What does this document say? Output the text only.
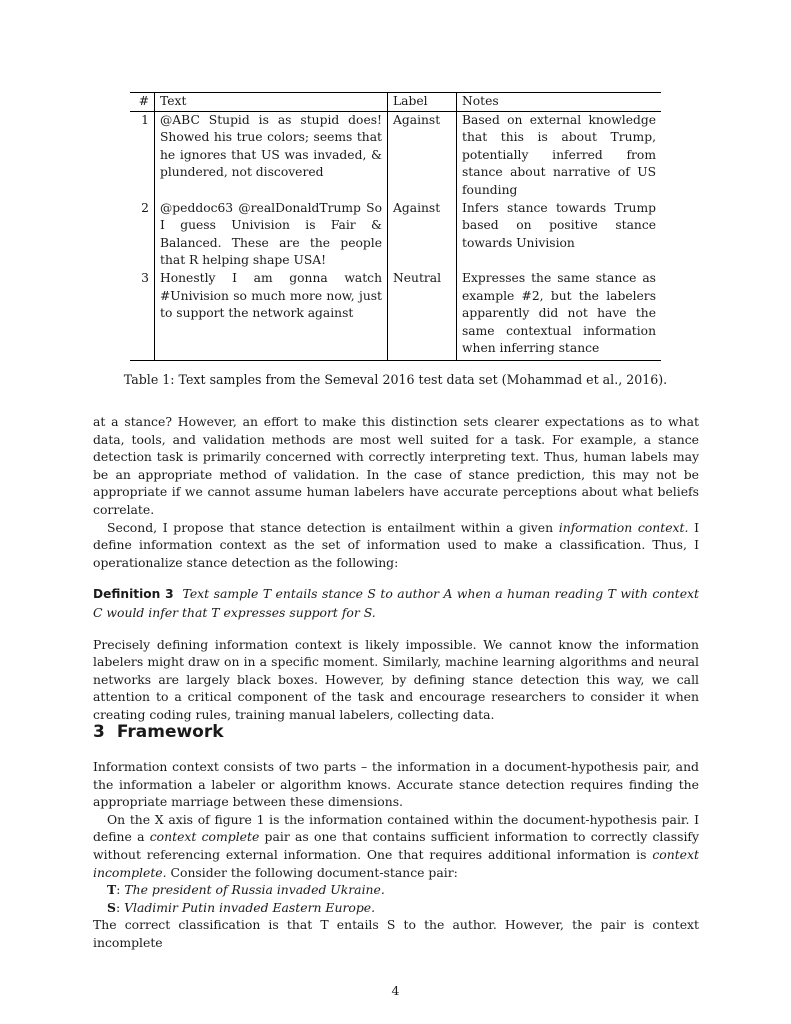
#	Text	Label	Notes
1	@ABC Stupid is as stupid does! Showed his true colors; seems that he ignores that US was invaded, & plundered, not discovered	Against	Based on external knowledge that this is about Trump, potentially inferred from stance about narrative of US founding
2	@peddoc63 @realDonaldTrump So I guess Univision is Fair & Balanced. These are the people that R helping shape USA!	Against	Infers stance towards Trump based on positive stance towards Univision
3	Honestly I am gonna watch #Univision so much more now, just to support the network against	Neutral	Expresses the same stance as example #2, but the labelers apparently did not have the same contextual information when inferring stance
Table 1: Text samples from the Semeval 2016 test data set (Mohammad et al., 2016).

at a stance? However, an effort to make this distinction sets clearer expectations as to what data, tools, and validation methods are most well suited for a task. For example, a stance detection task is primarily concerned with correctly interpreting text. Thus, human labels may be an appropriate method of validation. In the case of stance prediction, this may not be appropriate if we cannot assume human labelers have accurate perceptions about what beliefs correlate.

Second, I propose that stance detection is entailment within a given information context. I define information context as the set of information used to make a classification. Thus, I operationalize stance detection as the following:

Definition 3 Text sample T entails stance S to author A when a human reading T with context C would infer that T expresses support for S.

Precisely defining information context is likely impossible. We cannot know the information labelers might draw on in a specific moment. Similarly, machine learning algorithms and neural networks are largely black boxes. However, by defining stance detection this way, we call attention to a critical component of the task and encourage researchers to consider it when creating coding rules, training manual labelers, collecting data.

3 Framework

Information context consists of two parts – the information in a document-hypothesis pair, and the information a labeler or algorithm knows. Accurate stance detection requires finding the appropriate marriage between these dimensions.

On the X axis of figure 1 is the information contained within the document-hypothesis pair. I define a context complete pair as one that contains sufficient information to correctly classify without referencing external information. One that requires additional information is context incomplete. Consider the following document-stance pair:

T: The president of Russia invaded Ukraine.

S: Vladimir Putin invaded Eastern Europe.

The correct classification is that T entails S to the author. However, the pair is context incomplete

4
